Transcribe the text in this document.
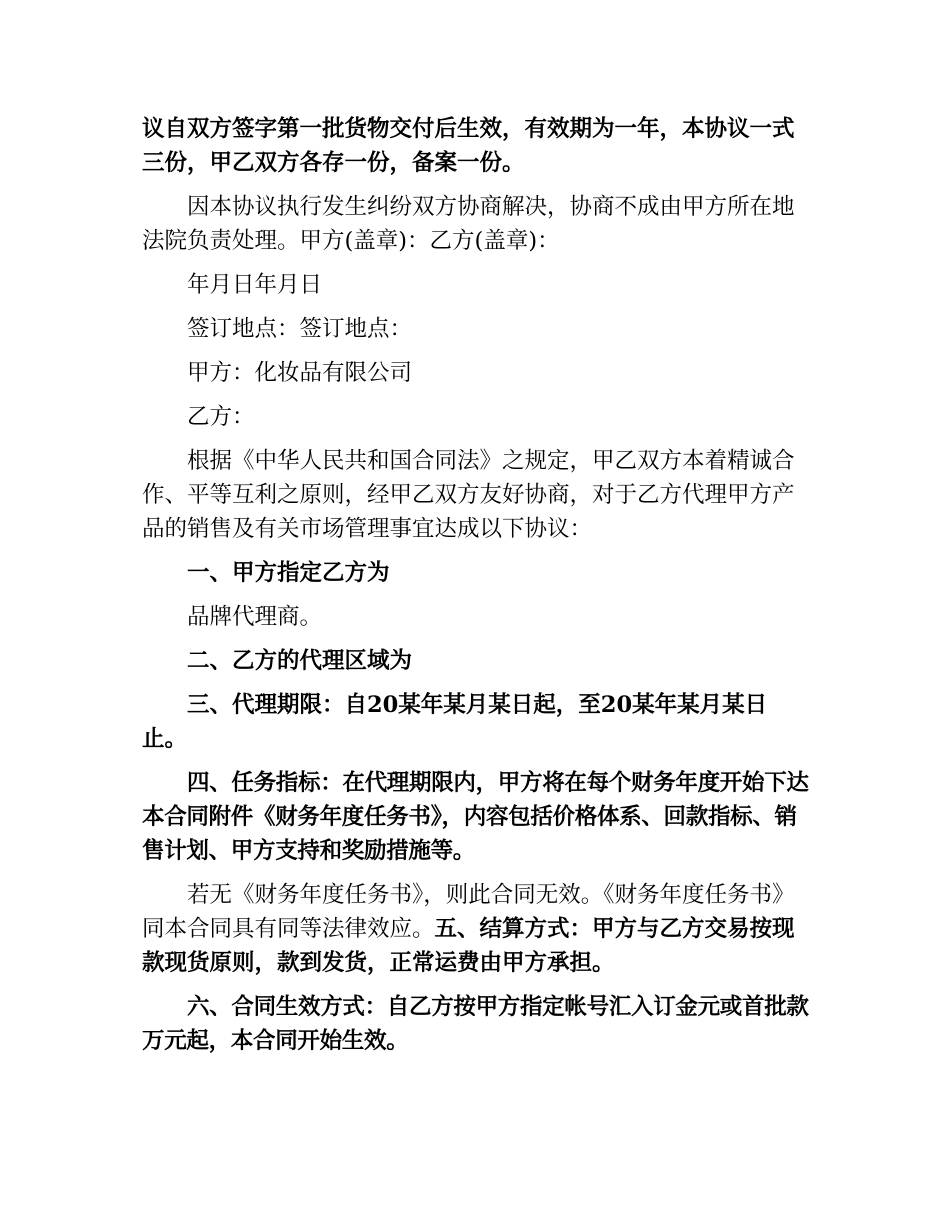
议自双方签字第一批货物交付后生效，有效期为一年，本协议一式三份，甲乙双方各存一份，备案一份。

因本协议执行发生纠纷双方协商解决，协商不成由甲方所在地法院负责处理。甲方(盖章)：乙方(盖章)：

年月日年月日

签订地点：签订地点：

甲方：化妆品有限公司

乙方：

根据《中华人民共和国合同法》之规定，甲乙双方本着精诚合作、平等互利之原则，经甲乙双方友好协商，对于乙方代理甲方产品的销售及有关市场管理事宜达成以下协议：

一、甲方指定乙方为

品牌代理商。

二、乙方的代理区域为

三、代理期限：自20某年某月某日起，至20某年某月某日止。

四、任务指标：在代理期限内，甲方将在每个财务年度开始下达本合同附件《财务年度任务书》，内容包括价格体系、回款指标、销售计划、甲方支持和奖励措施等。

若无《财务年度任务书》，则此合同无效。《财务年度任务书》同本合同具有同等法律效应。五、结算方式：甲方与乙方交易按现款现货原则，款到发货，正常运费由甲方承担。

六、合同生效方式：自乙方按甲方指定帐号汇入订金元或首批款万元起，本合同开始生效。
